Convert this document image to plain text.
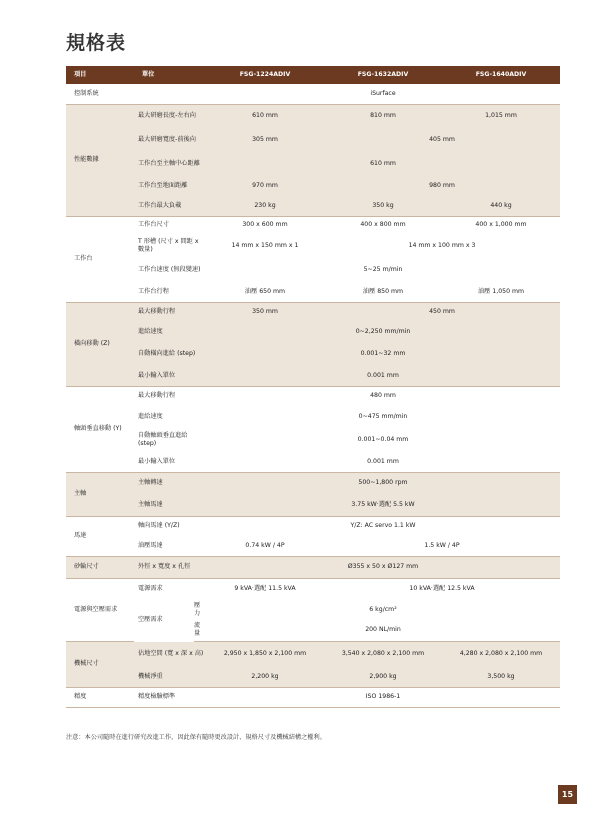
規格表
項目	單位		FSG-1224ADIV	FSG-1632ADIV	FSG-1640ADIV
控制系統			iSurface		
性能數據	最大研磨長度-左右向		610 mm	810 mm	1,015 mm
	最大研磨寬度-前後向		305 mm	405 mm	
	工作台至主軸中心距離		610 mm		
	工作台至地面距離		970 mm	980 mm	
	工作台最大負載		230 kg	350 kg	440 kg
工作台	工作台尺寸		300 x 600 mm	400 x 800 mm	400 x 1,000 mm
	T 形槽 (尺寸 x 間距 x 數量)		14 mm x 150 mm x 1	14 mm x 100 mm x 3	
	工作台速度 (無段變速)		5~25 m/min		
	工作台行程		油壓 650 mm	油壓 850 mm	油壓 1,050 mm
橫向移動 (Z)	最大移動行程		350 mm	450 mm	
	進給速度		0~2,250 mm/min		
	自動橫向進給 (step)		0.001~32 mm		
	最小輸入單位		0.001 mm		
軸頭垂直移動 (Y)	最大移動行程		480 mm		
	進給速度		0~475 mm/min		
	自動軸頭垂直進給 (step)		0.001~0.04 mm		
	最小輸入單位		0.001 mm		
主軸	主軸轉速		500~1,800 rpm		
	主軸馬達		3.75 kW‧選配 5.5 kW		
馬達	軸向馬達 (Y/Z)		Y/Z: AC servo 1.1 kW		
	油壓馬達		0.74 kW / 4P	1.5 kW / 4P	
砂輪尺寸	外徑 x 寬度 x 孔徑		Ø355 x 50 x Ø127 mm		
電源與空壓需求	電源需求		9 kVA‧選配 11.5 kVA	10 kVA‧選配 12.5 kVA	
	空壓需求	壓力	6 kg/cm²		
		流量	200 NL/min		
機械尺寸	佔地空間 (寬 x 深 x 高)		2,950 x 1,850 x 2,100 mm	3,540 x 2,080 x 2,100 mm	4,280 x 2,080 x 2,100 mm
	機械淨重		2,200 kg	2,900 kg	3,500 kg
精度	精度檢驗標準		ISO 1986-1		
注意：本公司隨時在進行研究改進工作，因此保有隨時更改設計、規格尺寸及機械結構之權利。
15
